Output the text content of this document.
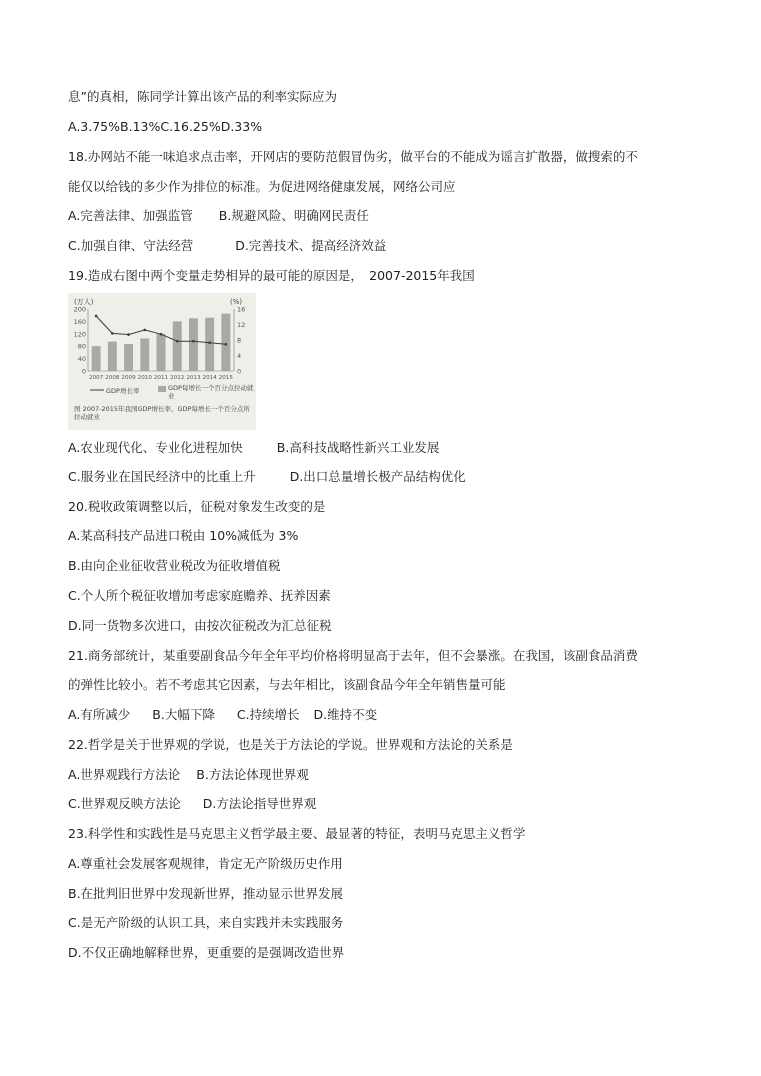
息”的真相，陈同学计算出该产品的利率实际应为
A.3.75%B.13%C.16.25%D.33%
18.办网站不能一味追求点击率，开网店的要防范假冒伪劣，做平台的不能成为谣言扩散器，做搜索的不
能仅以给钱的多少作为排位的标准。为促进网络健康发展，网络公司应
A.完善法律、加强监管 B.规避风险、明确网民责任
C.加强自律、守法经营	D.完善技术、提高经济效益
19.造成右图中两个变量走势相异的最可能的原因是，　2007-2015年我国
(万人)	(%)
200
160
120
80
40
0
16
12
8
4
0
2007 2008 2009 2010 2011 2012 2013 2014 2015
GDP增长率	GDP每增长一个百分点拉动就业
图 2007-2015年我国GDP增长率、GDP每增长一个百分点所拉动就业
A.农业现代化、专业化进程加快	B.高科技战略性新兴工业发展
C.服务业在国民经济中的比重上升	D.出口总量增长极产品结构优化
20.税收政策调整以后，征税对象发生改变的是
A.某高科技产品进口税由 10%减低为 3%
B.由向企业征收营业税改为征收增值税
C.个人所个税征收增加考虑家庭赡养、抚养因素
D.同一货物多次进口，由按次征税改为汇总征税
21.商务部统计，某重要副食品今年全年平均价格将明显高于去年，但不会暴涨。在我国，该副食品消费
的弹性比较小。若不考虑其它因素，与去年相比，该副食品今年全年销售量可能
A.有所减少 B.大幅下降 C.持续增长 D.维持不变
22.哲学是关于世界观的学说，也是关于方法论的学说。世界观和方法论的关系是
A.世界观践行方法论 B.方法论体现世界观
C.世界观反映方法论 D.方法论指导世界观
23.科学性和实践性是马克思主义哲学最主要、最显著的特征，表明马克思主义哲学
A.尊重社会发展客观规律，肯定无产阶级历史作用
B.在批判旧世界中发现新世界，推动显示世界发展
C.是无产阶级的认识工具，来自实践并未实践服务
D.不仅正确地解释世界，更重要的是强调改造世界
